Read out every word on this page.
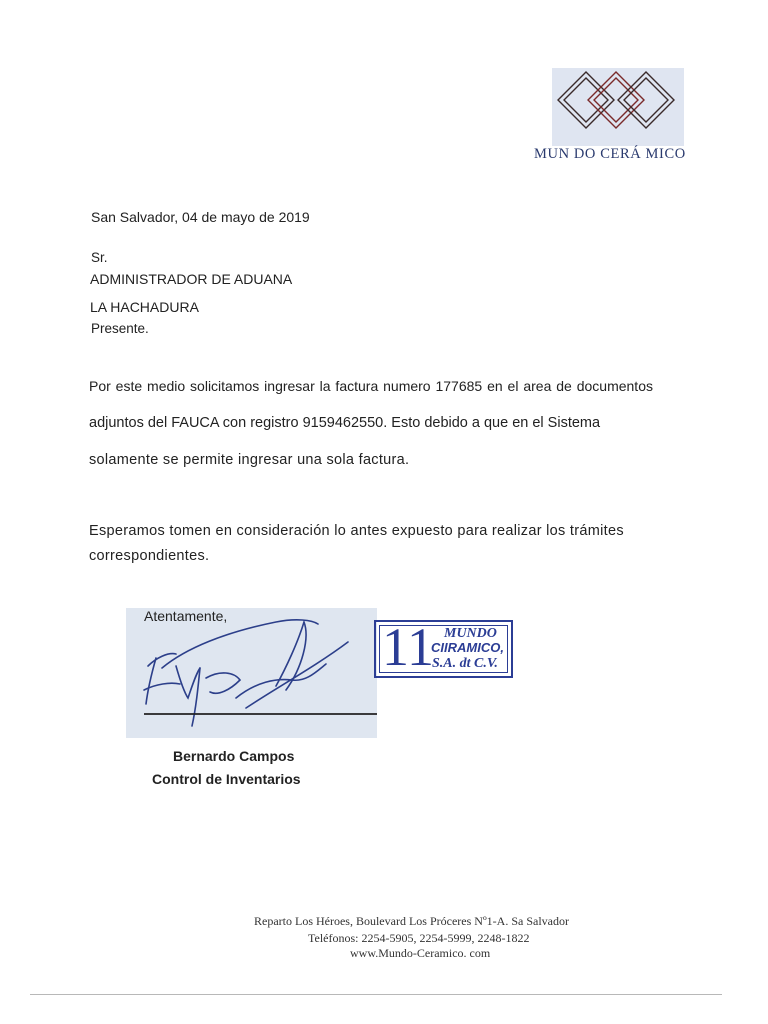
MUN DO CERÁ MICO
San Salvador, 04 de mayo de 2019
Sr.
ADMINISTRADOR DE ADUANA
LA HACHADURA
Presente.
Por este medio solicitamos ingresar la factura numero 177685 en el area de documentos
adjuntos del FAUCA con registro 9159462550. Esto debido a que en el Sistema
solamente se permite ingresar una sola factura.
Esperamos tomen en consideración lo antes expuesto para realizar los trámites
correspondientes.
Atentamente,
Bernardo Campos
Control de Inventarios
11 MUNDO
CIIRAMICO,
S.A. dt C.V.
Reparto Los Héroes, Boulevard Los Próceres Nº1-A. Sa Salvador
Teléfonos: 2254-5905, 2254-5999, 2248-1822
www.Mundo-Ceramico. com
